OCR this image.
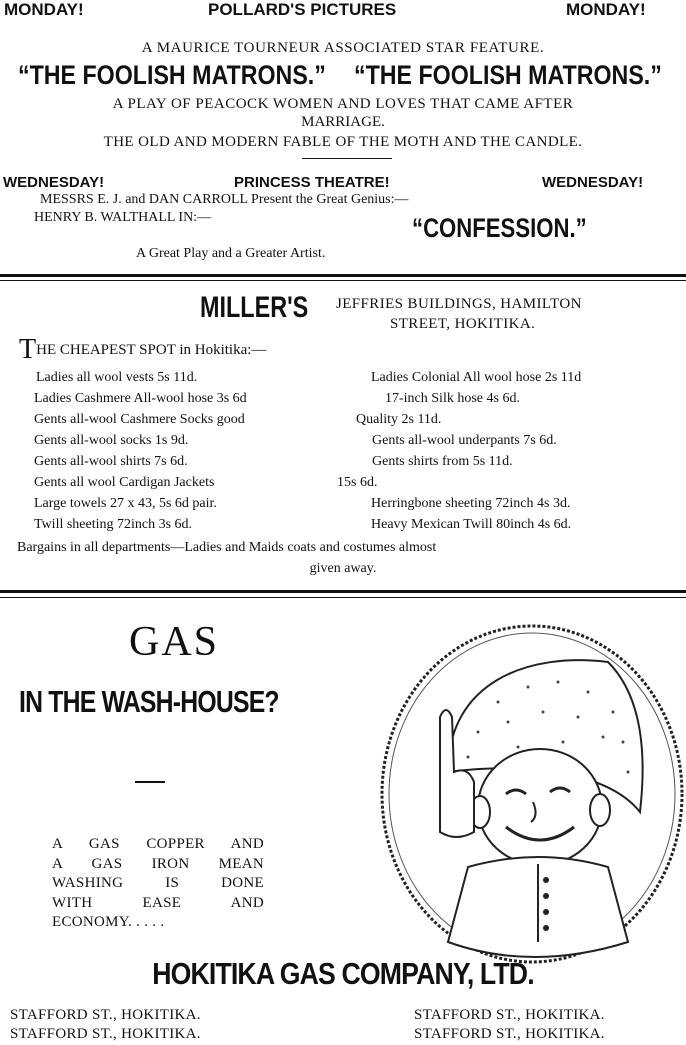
MONDAY!	POLLARD'S PICTURES	MONDAY!
A MAURICE TOURNEUR ASSOCIATED STAR FEATURE.
“THE FOOLISH MATRONS.” “THE FOOLISH MATRONS.”
A PLAY OF PEACOCK WOMEN AND LOVES THAT CAME AFTER
MARRIAGE.
THE OLD AND MODERN FABLE OF THE MOTH AND THE CANDLE.
WEDNESDAY!	PRINCESS THEATRE!	WEDNESDAY!
MESSRS E. J. and DAN CARROLL Present the Great Genius:—
HENRY B. WALTHALL IN:—	“CONFESSION.”
A Great Play and a Greater Artist.
MILLER'S JEFFRIES BUILDINGS, HAMILTON
STREET, HOKITIKA.
THE CHEAPEST SPOT in Hokitika:—
Ladies all wool vests 5s 11d.
Ladies Cashmere All-wool hose 3s 6d
Gents all-wool Cashmere Socks good
Gents all-wool socks 1s 9d.
Gents all-wool shirts 7s 6d.
Gents all wool Cardigan Jackets
Large towels 27 x 43, 5s 6d pair.
Twill sheeting 72inch 3s 6d.
Ladies Colonial All wool hose 2s 11d
17-inch Silk hose 4s 6d.
Quality 2s 11d.
Gents all-wool underpants 7s 6d.
Gents shirts from 5s 11d.
15s 6d.
Herringbone sheeting 72inch 4s 3d.
Heavy Mexican Twill 80inch 4s 6d.
Bargains in all departments—Ladies and Maids coats and costumes almost
given away.
GAS
IN THE WASH-HOUSE?
A GAS COPPER AND
A GAS IRON MEAN
WASHING IS DONE
WITH EASE AND
ECONOMY. . . . .
HOKITIKA GAS COMPANY, LTD.
STAFFORD ST., HOKITIKA.
STAFFORD ST., HOKITIKA.
STAFFORD ST., HOKITIKA.
STAFFORD ST., HOKITIKA.
